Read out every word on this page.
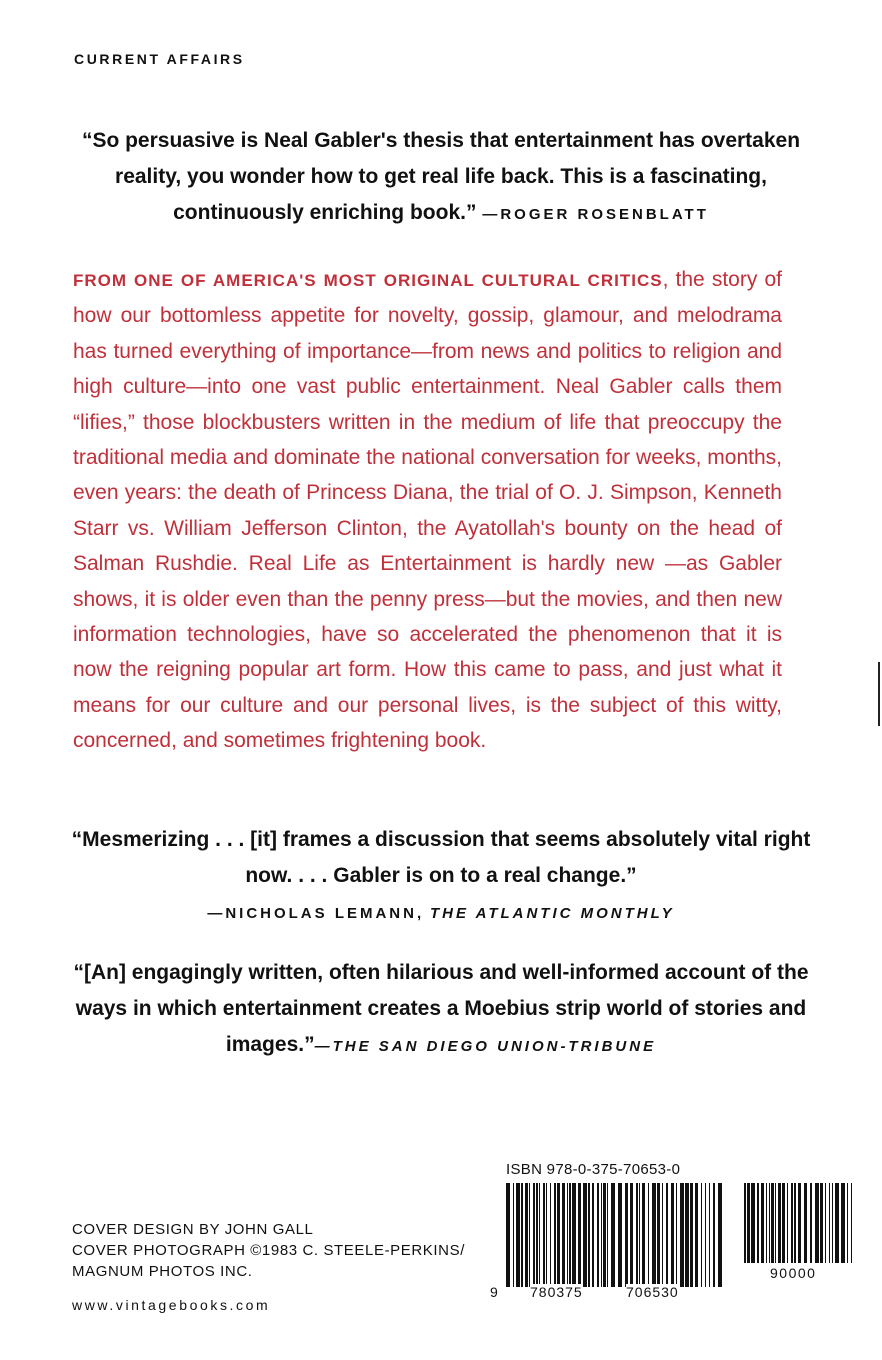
CURRENT AFFAIRS
“So persuasive is Neal Gabler's thesis that entertainment has overtaken reality, you wonder how to get real life back. This is a fascinating, continuously enriching book.” —ROGER ROSENBLATT
FROM ONE OF AMERICA'S MOST ORIGINAL CULTURAL CRITICS, the story of how our bottomless appetite for novelty, gossip, glamour, and melodrama has turned everything of importance—from news and politics to religion and high culture—into one vast public entertainment. Neal Gabler calls them “lifies,” those blockbusters written in the medium of life that preoccupy the traditional media and dominate the national conversation for weeks, months, even years: the death of Princess Diana, the trial of O. J. Simpson, Kenneth Starr vs. William Jefferson Clinton, the Ayatollah's bounty on the head of Salman Rushdie. Real Life as Entertainment is hardly new —as Gabler shows, it is older even than the penny press—but the movies, and then new information technologies, have so accelerated the phenomenon that it is now the reigning popular art form. How this came to pass, and just what it means for our culture and our personal lives, is the subject of this witty, concerned, and sometimes frightening book.
“Mesmerizing . . . [it] frames a discussion that seems absolutely vital right now. . . . Gabler is on to a real change.”
—NICHOLAS LEMANN, THE ATLANTIC MONTHLY
“[An] engagingly written, often hilarious and well-informed account of the ways in which entertainment creates a Moebius strip world of stories and images.”—THE SAN DIEGO UNION-TRIBUNE
COVER DESIGN BY JOHN GALL
COVER PHOTOGRAPH ©1983 C. STEELE-PERKINS/
MAGNUM PHOTOS INC.
www.vintagebooks.com
ISBN 978-0-375-70653-0
9 780375	706530
90000
